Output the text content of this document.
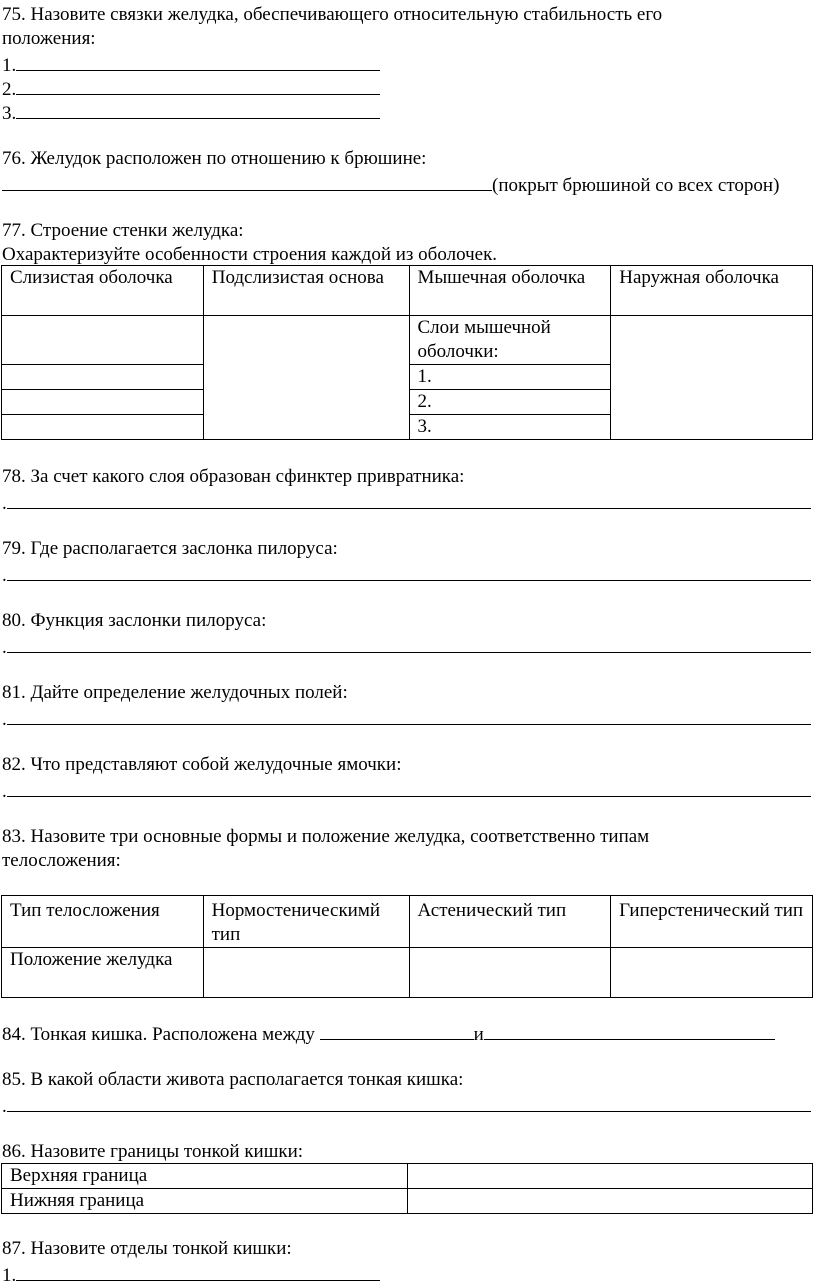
75. Назовите связки желудка, обеспечивающего относительную стабильность его
положения:
1.
2.
3.
76. Желудок расположен по отношению к брюшине:
(покрыт брюшиной со всех сторон)
77. Строение стенки желудка:
Охарактеризуйте особенности строения каждой из оболочек.
Слизистая оболочка	Подслизистая основа	Мышечная оболочка	Наружная оболочка
		Слои мышечной оболочки:	
		1.	
		2.	
		3.	
78. За счет какого слоя образован сфинктер привратника:
.
79. Где располагается заслонка пилоруса:
.
80. Функция заслонки пилоруса:
.
81. Дайте определение желудочных полей:
.
82. Что представляют собой желудочные ямочки:
.
83. Назовите три основные формы и положение желудка, соответственно типам
телосложения:
Тип телосложения	Нормостеническимй тип	Астенический тип	Гиперстенический тип
Положение желудка			
84. Тонкая кишка. Расположена между	и
85. В какой области живота располагается тонкая кишка:
.
86. Назовите границы тонкой кишки:
Верхняя граница	
Нижняя граница	
87. Назовите отделы тонкой кишки:
1.
